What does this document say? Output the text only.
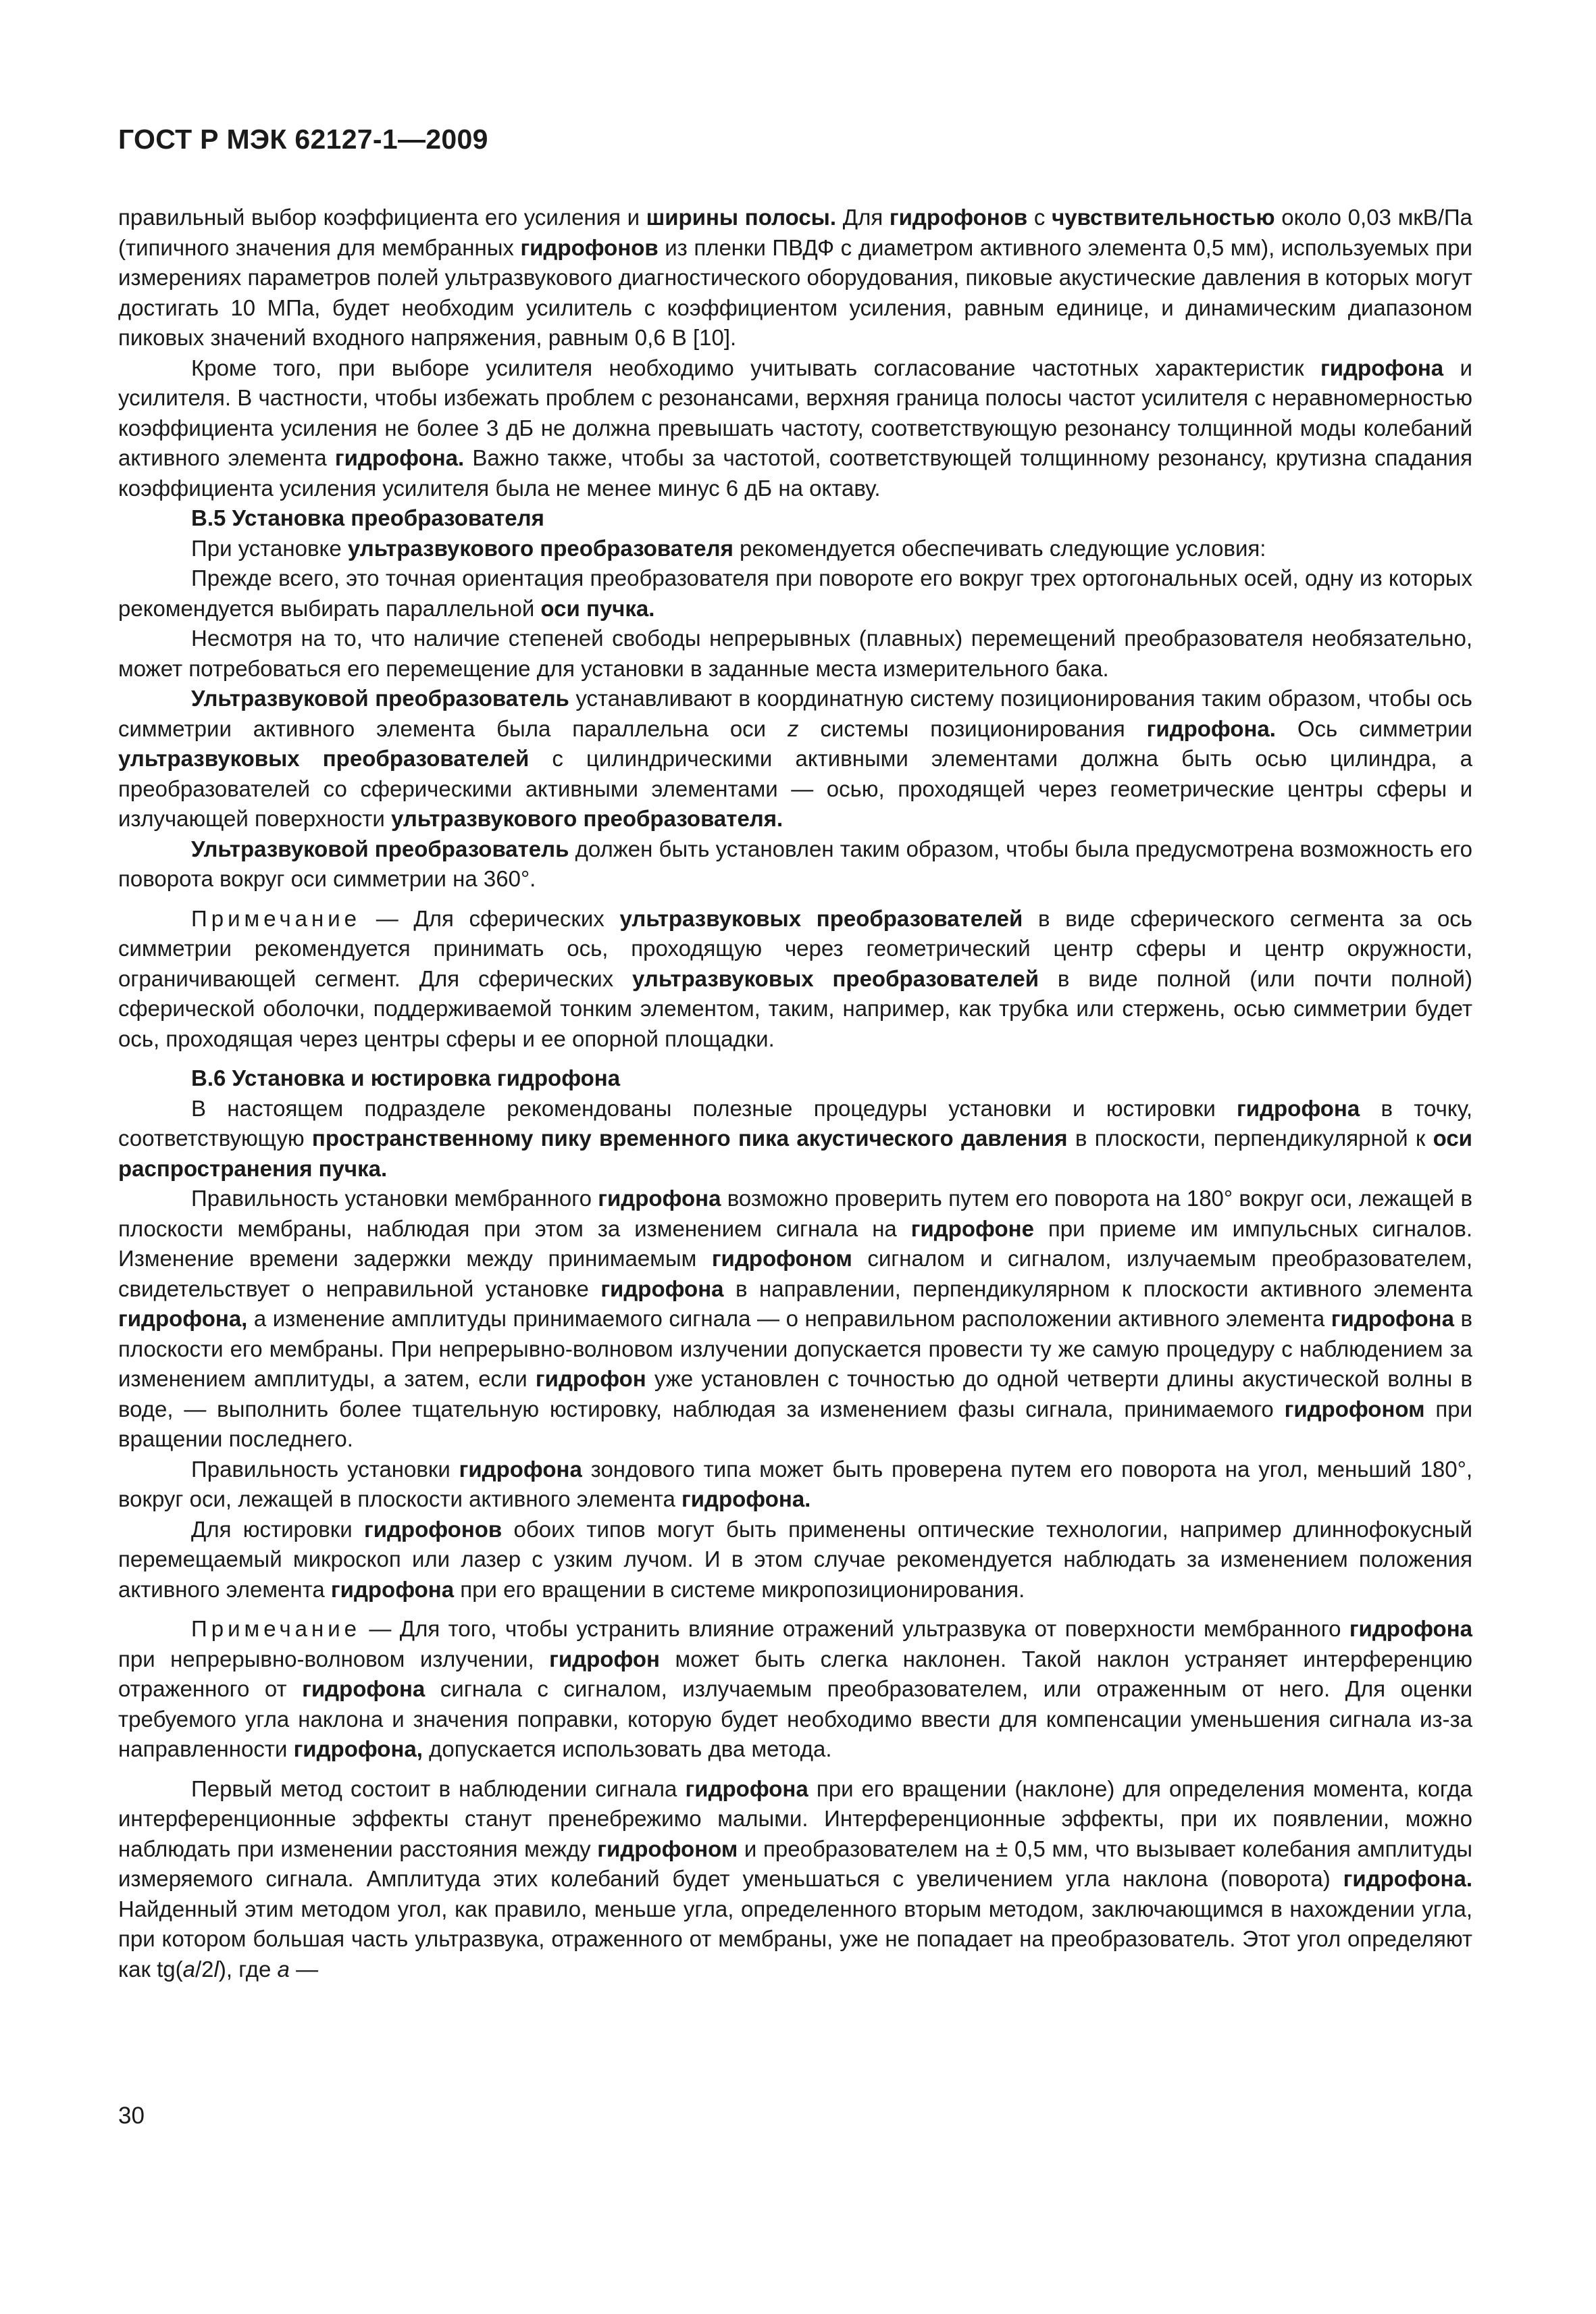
ГОСТ Р МЭК 62127-1—2009

правильный выбор коэффициента его усиления и ширины полосы. Для гидрофонов с чувствительностью около 0,03 мкВ/Па (типичного значения для мембранных гидрофонов из пленки ПВДФ с диаметром активного элемента 0,5 мм), используемых при измерениях параметров полей ультразвукового диагностического оборудования, пиковые акустические давления в которых могут достигать 10 МПа, будет необходим усилитель с коэффициентом усиления, равным единице, и динамическим диапазоном пиковых значений входного напряжения, равным 0,6 В [10].

Кроме того, при выборе усилителя необходимо учитывать согласование частотных характеристик гидрофона и усилителя. В частности, чтобы избежать проблем с резонансами, верхняя граница полосы частот усилителя с неравномерностью коэффициента усиления не более 3 дБ не должна превышать частоту, соответствующую резонансу толщинной моды колебаний активного элемента гидрофона. Важно также, чтобы за частотой, соответствующей толщинному резонансу, крутизна спадания коэффициента усиления усилителя была не менее минус 6 дБ на октаву.

В.5 Установка преобразователя

При установке ультразвукового преобразователя рекомендуется обеспечивать следующие условия:

Прежде всего, это точная ориентация преобразователя при повороте его вокруг трех ортогональных осей, одну из которых рекомендуется выбирать параллельной оси пучка.

Несмотря на то, что наличие степеней свободы непрерывных (плавных) перемещений преобразователя необязательно, может потребоваться его перемещение для установки в заданные места измерительного бака.

Ультразвуковой преобразователь устанавливают в координатную систему позиционирования таким образом, чтобы ось симметрии активного элемента была параллельна оси z системы позиционирования гидрофона. Ось симметрии ультразвуковых преобразователей с цилиндрическими активными элементами должна быть осью цилиндра, а преобразователей со сферическими активными элементами — осью, проходящей через геометрические центры сферы и излучающей поверхности ультразвукового преобразователя.

Ультразвуковой преобразователь должен быть установлен таким образом, чтобы была предусмотрена возможность его поворота вокруг оси симметрии на 360°.

Примечание — Для сферических ультразвуковых преобразователей в виде сферического сегмента за ось симметрии рекомендуется принимать ось, проходящую через геометрический центр сферы и центр окружности, ограничивающей сегмент. Для сферических ультразвуковых преобразователей в виде полной (или почти полной) сферической оболочки, поддерживаемой тонким элементом, таким, например, как трубка или стержень, осью симметрии будет ось, проходящая через центры сферы и ее опорной площадки.

В.6 Установка и юстировка гидрофона

В настоящем подразделе рекомендованы полезные процедуры установки и юстировки гидрофона в точку, соответствующую пространственному пику временного пика акустического давления в плоскости, перпендикулярной к оси распространения пучка.

Правильность установки мембранного гидрофона возможно проверить путем его поворота на 180° вокруг оси, лежащей в плоскости мембраны, наблюдая при этом за изменением сигнала на гидрофоне при приеме им импульсных сигналов. Изменение времени задержки между принимаемым гидрофоном сигналом и сигналом, излучаемым преобразователем, свидетельствует о неправильной установке гидрофона в направлении, перпендикулярном к плоскости активного элемента гидрофона, а изменение амплитуды принимаемого сигнала — о неправильном расположении активного элемента гидрофона в плоскости его мембраны. При непрерывно-волновом излучении допускается провести ту же самую процедуру с наблюдением за изменением амплитуды, а затем, если гидрофон уже установлен с точностью до одной четверти длины акустической волны в воде, — выполнить более тщательную юстировку, наблюдая за изменением фазы сигнала, принимаемого гидрофоном при вращении последнего.

Правильность установки гидрофона зондового типа может быть проверена путем его поворота на угол, меньший 180°, вокруг оси, лежащей в плоскости активного элемента гидрофона.

Для юстировки гидрофонов обоих типов могут быть применены оптические технологии, например длиннофокусный перемещаемый микроскоп или лазер с узким лучом. И в этом случае рекомендуется наблюдать за изменением положения активного элемента гидрофона при его вращении в системе микропозиционирования.

Примечание — Для того, чтобы устранить влияние отражений ультразвука от поверхности мембранного гидрофона при непрерывно-волновом излучении, гидрофон может быть слегка наклонен. Такой наклон устраняет интерференцию отраженного от гидрофона сигнала с сигналом, излучаемым преобразователем, или отраженным от него. Для оценки требуемого угла наклона и значения поправки, которую будет необходимо ввести для компенсации уменьшения сигнала из-за направленности гидрофона, допускается использовать два метода.

Первый метод состоит в наблюдении сигнала гидрофона при его вращении (наклоне) для определения момента, когда интерференционные эффекты станут пренебрежимо малыми. Интерференционные эффекты, при их появлении, можно наблюдать при изменении расстояния между гидрофоном и преобразователем на ± 0,5 мм, что вызывает колебания амплитуды измеряемого сигнала. Амплитуда этих колебаний будет уменьшаться с увеличением угла наклона (поворота) гидрофона. Найденный этим методом угол, как правило, меньше угла, определенного вторым методом, заключающимся в нахождении угла, при котором большая часть ультразвука, отраженного от мембраны, уже не попадает на преобразователь. Этот угол определяют как tg(a/2l), где a —

30
